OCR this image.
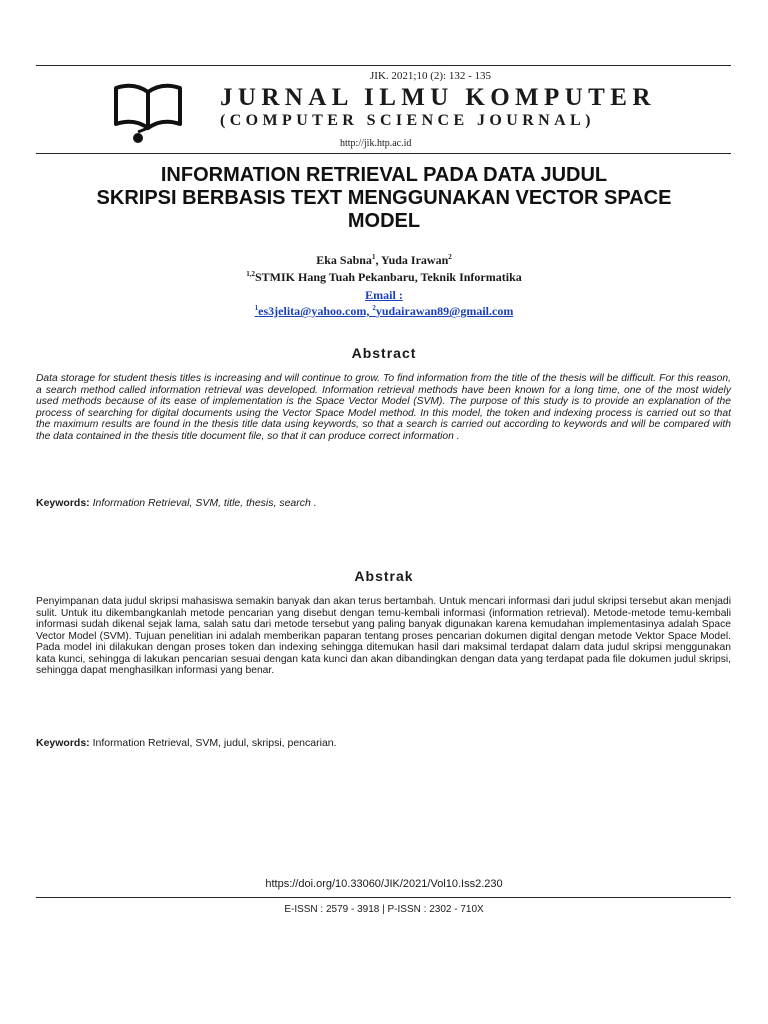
JIK. 2021;10 (2): 132 - 135
JURNAL ILMU KOMPUTER
(COMPUTER SCIENCE JOURNAL)
http://jik.htp.ac.id
INFORMATION RETRIEVAL PADA DATA JUDUL
SKRIPSI BERBASIS TEXT MENGGUNAKAN VECTOR SPACE
MODEL
Eka Sabna$^1$, Yuda Irawan$^2$
$^{1,2}$STMIK Hang Tuah Pekanbaru, Teknik Informatika
Email :
$^1$es3jelita@yahoo.com, $^2$yudairawan89@gmail.com
Abstract
Data storage for student thesis titles is increasing and will continue to grow. To find information from the title of the thesis will be difficult. For this reason, a search method called information retrieval was developed. Information retrieval methods have been known for a long time, one of the most widely used methods because of its ease of implementation is the Space Vector Model (SVM). The purpose of this study is to provide an explanation of the process of searching for digital documents using the Vector Space Model method. In this model, the token and indexing process is carried out so that the maximum results are found in the thesis title data using keywords, so that a search is carried out according to keywords and will be compared with the data contained in the thesis title document file, so that it can produce correct information .
Keywords: Information Retrieval, SVM, title, thesis, search .
Abstrak
Penyimpanan data judul skripsi mahasiswa semakin banyak dan akan terus bertambah. Untuk mencari informasi dari judul skripsi tersebut akan menjadi sulit. Untuk itu dikembangkanlah metode pencarian yang disebut dengan temu-kembali informasi (information retrieval). Metode-metode temu-kembali informasi sudah dikenal sejak lama, salah satu dari metode tersebut yang paling banyak digunakan karena kemudahan implementasinya adalah Space Vector Model (SVM). Tujuan penelitian ini adalah memberikan paparan tentang proses pencarian dokumen digital dengan metode Vektor Space Model. Pada model ini dilakukan dengan proses token dan indexing sehingga ditemukan hasil dari maksimal terdapat dalam data judul skripsi menggunakan kata kunci, sehingga di lakukan pencarian sesuai dengan kata kunci dan akan dibandingkan dengan data yang terdapat pada file dokumen judul skripsi, sehingga dapat menghasilkan informasi yang benar.
Keywords: Information Retrieval, SVM, judul, skripsi, pencarian.
https://doi.org/10.33060/JIK/2021/Vol10.Iss2.230
E-ISSN : 2579 - 3918 | P-ISSN : 2302 - 710X
